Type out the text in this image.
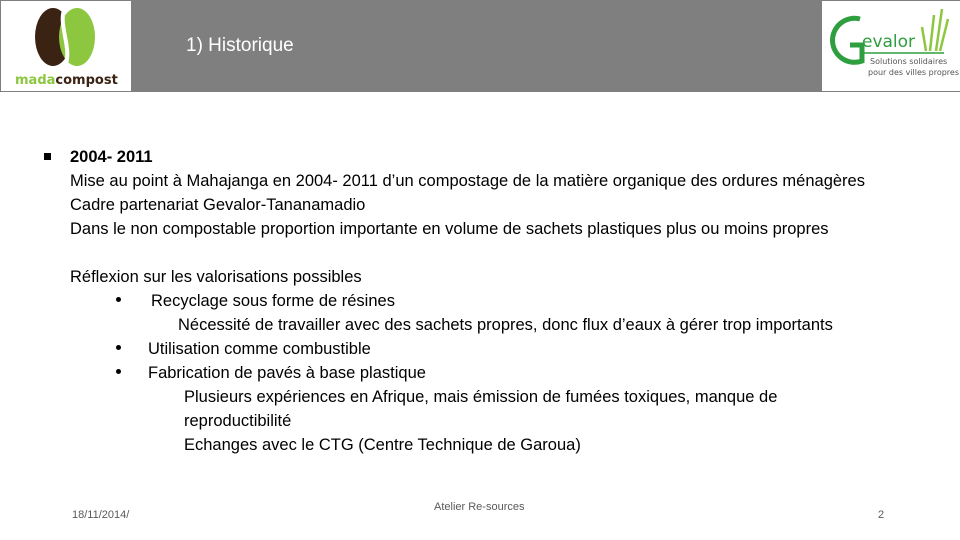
madacompost
1) Historique	evalor
Solutions solidaires
pour des villes propres
2004- 2011
Mise au point à Mahajanga en 2004- 2011 d’un compostage de la matière organique des ordures ménagères
Cadre partenariat Gevalor-Tananamadio
Dans le non compostable proportion importante en volume de sachets plastiques plus ou moins propres
Réflexion sur les valorisations possibles
Recyclage sous forme de résines
Nécessité de travailler avec des sachets propres, donc flux d’eaux à gérer trop importants
Utilisation comme combustible
Fabrication de pavés à base plastique
Plusieurs expériences en Afrique, mais émission de fumées toxiques, manque de
reproductibilité
Echanges avec le CTG (Centre Technique de Garoua)
18/11/2014/
Atelier Re-sources
2
